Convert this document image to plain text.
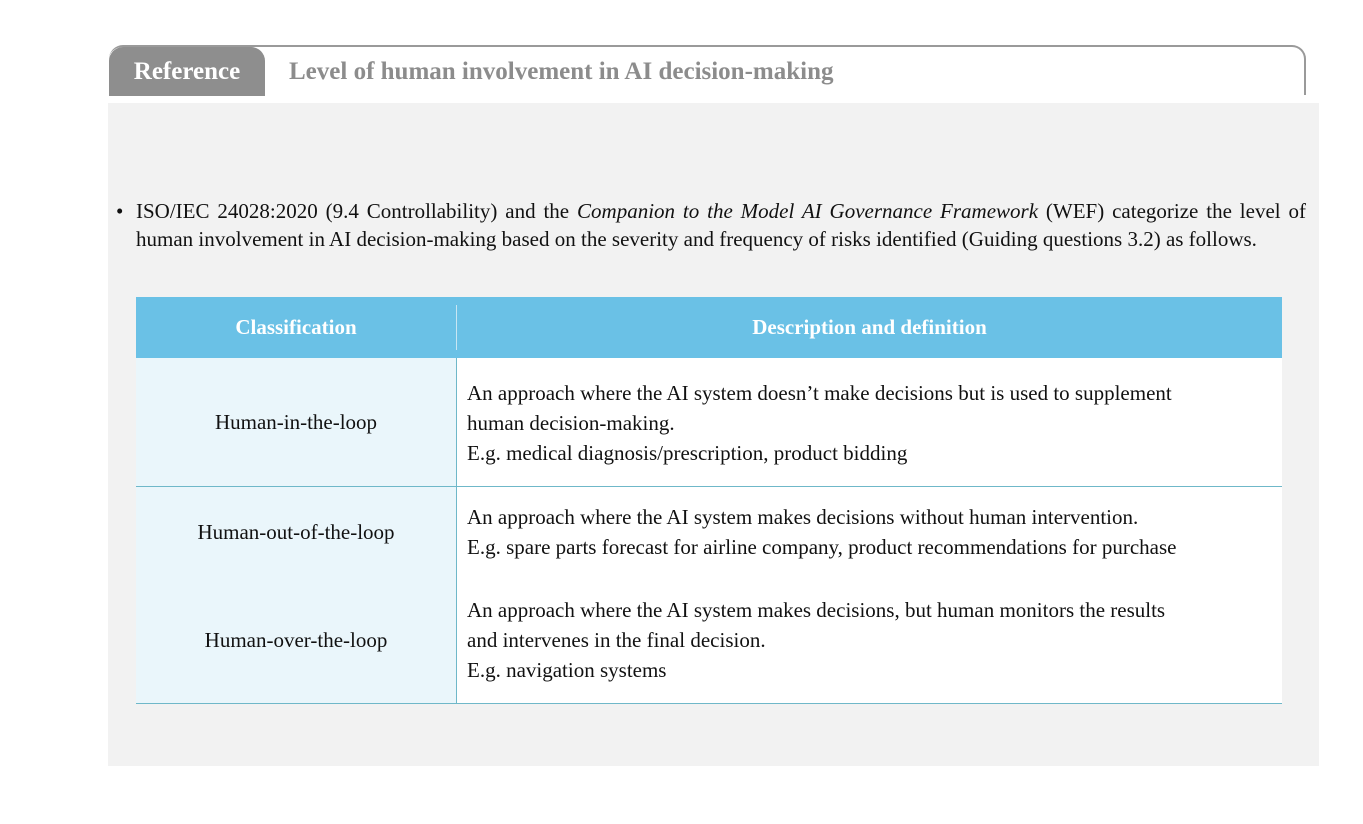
Reference	Level of human involvement in AI decision-making
• ISO/IEC 24028:2020 (9.4 Controllability) and the Companion to the Model AI Governance Framework (WEF) categorize the level of human involvement in AI decision-making based on the severity and frequency of risks identified (Guiding questions 3.2) as follows.
Classification	Description and definition
Human-in-the-loop
An approach where the AI system doesn’t make decisions but is used to supplement
human decision-making.
E.g. medical diagnosis/prescription, product bidding
Human-out-of-the-loop
An approach where the AI system makes decisions without human intervention.
E.g. spare parts forecast for airline company, product recommendations for purchase
Human-over-the-loop
An approach where the AI system makes decisions, but human monitors the results
and intervenes in the final decision.
E.g. navigation systems
